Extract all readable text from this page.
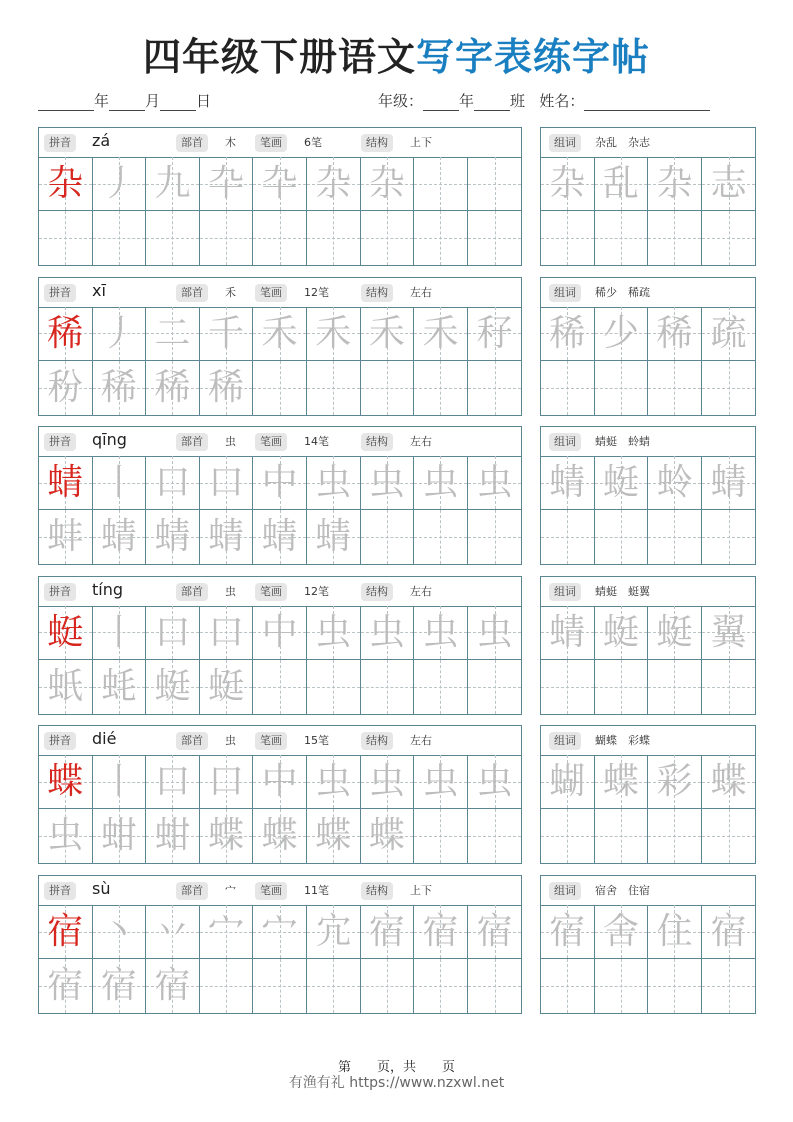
四年级下册语文写字表练字帖
年 月 日	年级： 年 班 姓名：
拼音	zá	部首	木	笔画	6笔	结构	上下
杂 丿 九 卆 卆 杂 杂
组词	杂乱　杂志
杂 乱 杂 志
拼音	xī	部首	禾	笔画	12笔	结构	左右
稀 丿 二 千 禾 禾 禾 禾 秄
秎 稀 稀 稀
组词	稀少　稀疏
稀 少 稀 疏
拼音	qīng	部首	虫	笔画	14笔	结构	左右
蜻 丨 口 口 中 虫 虫 虫 虫
蚌 蜻 蜻 蜻 蜻 蜻
组词	蜻蜓　蛉蜻
蜻 蜓 蛉 蜻
拼音	tíng	部首	虫	笔画	12笔	结构	左右
蜓 丨 口 口 中 虫 虫 虫 虫
蚔 蚝 蜓 蜓
组词	蜻蜓　蜓翼
蜻 蜓 蜓 翼
拼音	dié	部首	虫	笔画	15笔	结构	左右
蝶 丨 口 口 中 虫 虫 虫 虫
虫 蚶 蚶 蝶 蝶 蝶 蝶
组词	蝴蝶　彩蝶
蝴 蝶 彩 蝶
拼音	sù	部首	宀	笔画	11笔	结构	上下
宿 丶 丷 宀 宀 宂 宿 宿 宿
宿 宿 宿
组词	宿舍　住宿
宿 舍 住 宿
第　　页，共　　页
有渔有礼 https://www.nzxwl.net
